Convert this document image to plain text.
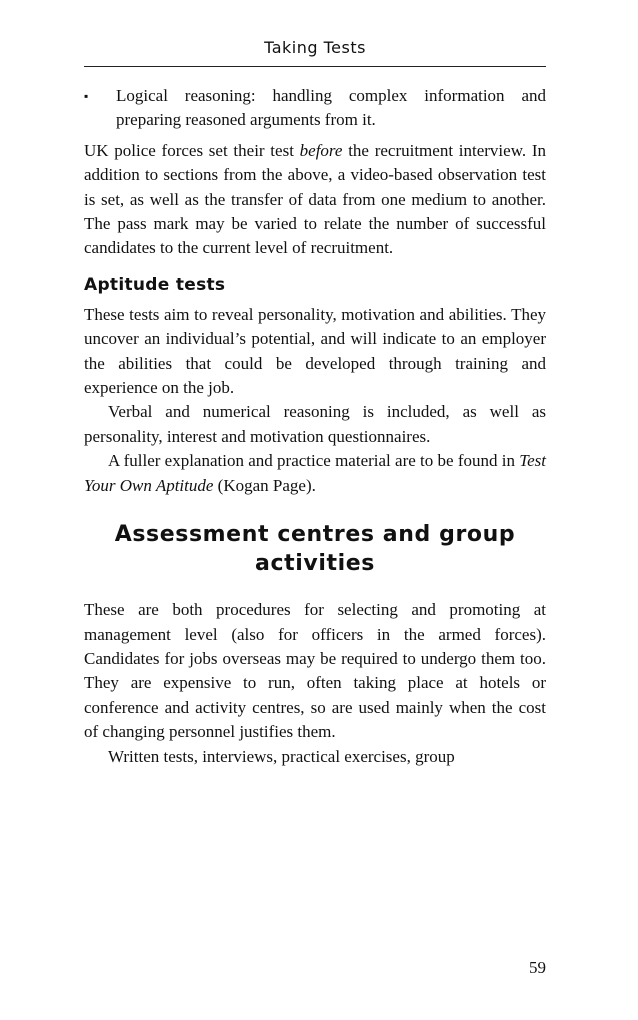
Taking Tests
▪	Logical reasoning: handling complex information and preparing reasoned arguments from it.

UK police forces set their test before the recruitment interview. In addition to sections from the above, a video-based observation test is set, as well as the transfer of data from one medium to another. The pass mark may be varied to relate the number of successful candidates to the current level of recruitment.

Aptitude tests

These tests aim to reveal personality, motivation and abilities. They uncover an individual’s potential, and will indicate to an employer the abilities that could be developed through training and experience on the job.

Verbal and numerical reasoning is included, as well as personality, interest and motivation questionnaires.

A fuller explanation and practice material are to be found in Test Your Own Aptitude (Kogan Page).

Assessment centres and group
activities

These are both procedures for selecting and promoting at management level (also for officers in the armed forces). Candidates for jobs overseas may be required to undergo them too. They are expensive to run, often taking place at hotels or conference and activity centres, so are used mainly when the cost of changing personnel justifies them.

Written tests, interviews, practical exercises, group

59
